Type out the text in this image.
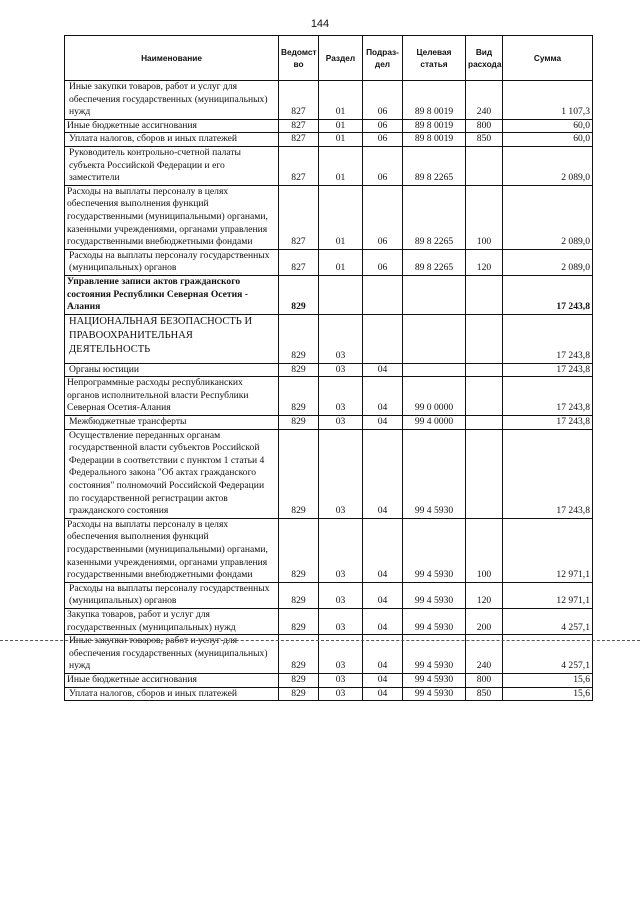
144
Наименование	Ведомст во	Раздел	Подраз- дел	Целевая статья	Вид расхода	Сумма
Иные закупки товаров, работ и услуг для обеспечения государственных (муниципальных) нужд	827	01	06	89 8 0019	240	1 107,3
Иные бюджетные ассигнования	827	01	06	89 8 0019	800	60,0
Уплата налогов, сборов и иных платежей	827	01	06	89 8 0019	850	60,0
Руководитель контрольно-счетной палаты субъекта Российской Федерации и его заместители	827	01	06	89 8 2265		2 089,0
Расходы на выплаты персоналу в целях обеспечения выполнения функций государственными (муниципальными) органами, казенными учреждениями, органами управления государственными внебюджетными фондами	827	01	06	89 8 2265	100	2 089,0
Расходы на выплаты персоналу государственных (муниципальных) органов	827	01	06	89 8 2265	120	2 089,0
Управление записи актов гражданского состояния Республики Северная Осетия - Алания	829					17 243,8
НАЦИОНАЛЬНАЯ БЕЗОПАСНОСТЬ И ПРАВООХРАНИТЕЛЬНАЯ ДЕЯТЕЛЬНОСТЬ	829	03				17 243,8
Органы юстиции	829	03	04			17 243,8
Непрограммные расходы республиканских органов исполнительной власти Республики Северная Осетия-Алания	829	03	04	99 0 0000		17 243,8
Межбюджетные трансферты	829	03	04	99 4 0000		17 243,8
Осуществление переданных органам государственной власти субъектов Российской Федерации в соответствии с пунктом 1 статьи 4 Федерального закона "Об актах гражданского состояния" полномочий Российской Федерации по государственной регистрации актов гражданского состояния	829	03	04	99 4 5930		17 243,8
Расходы на выплаты персоналу в целях обеспечения выполнения функций государственными (муниципальными) органами, казенными учреждениями, органами управления государственными внебюджетными фондами	829	03	04	99 4 5930	100	12 971,1
Расходы на выплаты персоналу государственных (муниципальных) органов	829	03	04	99 4 5930	120	12 971,1
Закупка товаров, работ и услуг для государственных (муниципальных) нужд	829	03	04	99 4 5930	200	4 257,1
Иные закупки товаров, работ и услуг для обеспечения государственных (муниципальных) нужд	829	03	04	99 4 5930	240	4 257,1
Иные бюджетные ассигнования	829	03	04	99 4 5930	800	15,6
Уплата налогов, сборов и иных платежей	829	03	04	99 4 5930	850	15,6
